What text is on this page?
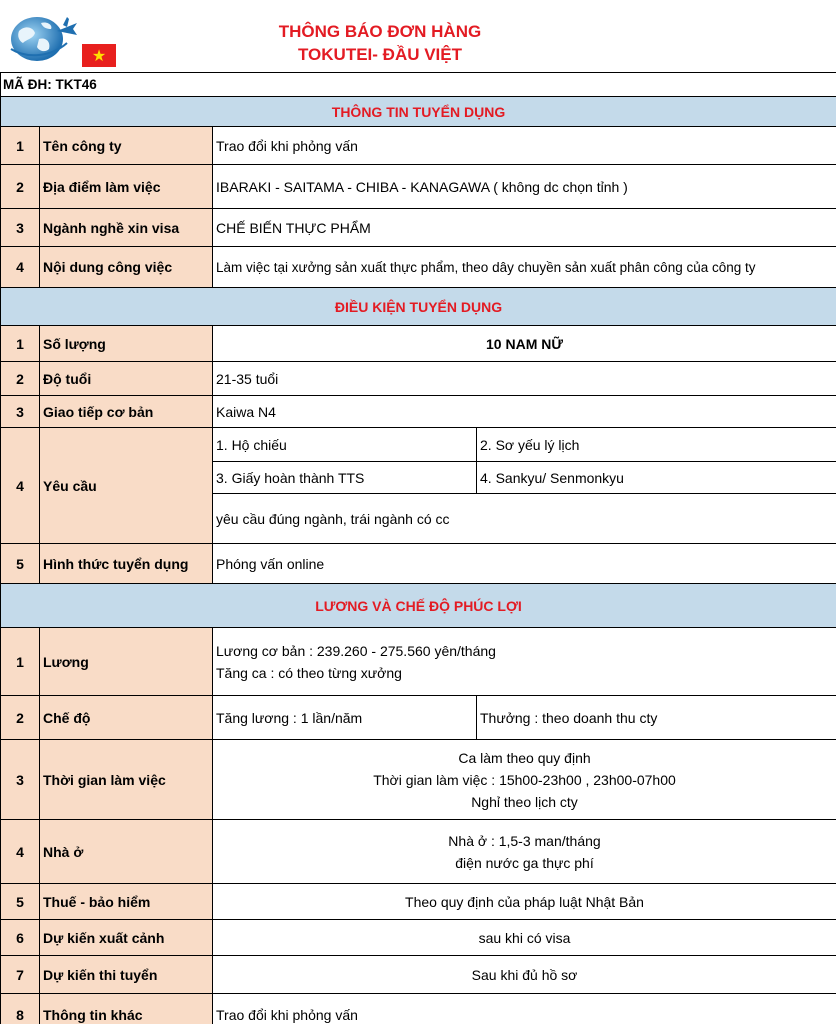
★
THÔNG BÁO ĐƠN HÀNG
TOKUTEI- ĐẦU VIỆT
MÃ ĐH: TKT46			
THÔNG TIN TUYỂN DỤNG			
1	Tên công ty	Trao đổi khi phỏng vấn	
2	Địa điểm làm việc	IBARAKI - SAITAMA - CHIBA - KANAGAWA ( không dc chọn tỉnh )	
3	Ngành nghề xin visa	CHẾ BIẾN THỰC PHẨM	
4	Nội dung công việc	Làm việc tại xưởng sản xuất thực phẩm, theo dây chuyền sản xuất phân công của công ty	
ĐIỀU KIỆN TUYỂN DỤNG			
1	Số lượng	10 NAM NỮ	
2	Độ tuổi	21-35 tuổi	
3	Giao tiếp cơ bản	Kaiwa N4	
4	Yêu cầu	1. Hộ chiếu	2. Sơ yếu lý lịch
		3. Giấy hoàn thành TTS	4. Sankyu/ Senmonkyu
		yêu cầu đúng ngành, trái ngành có cc	
5	Hình thức tuyển dụng	Phóng vấn online	
LƯƠNG VÀ CHẾ ĐỘ PHÚC LỢI			
1	Lương	Lương cơ bản : 239.260 - 275.560 yên/tháng
Tăng ca : có theo từng xưởng	

2	Chế độ	Tăng lương : 1 lần/năm	Thưởng : theo doanh thu cty
3	Thời gian làm việc	Ca làm theo quy định
Thời gian làm việc : 15h00-23h00 , 23h00-07h00
Nghỉ theo lịch cty	

4	Nhà ở	Nhà ở : 1,5-3 man/tháng
điện nước ga thực phí	

5	Thuế - bảo hiểm	Theo quy định của pháp luật Nhật Bản	
6	Dự kiến xuất cảnh	sau khi có visa	
7	Dự kiến thi tuyển	Sau khi đủ hồ sơ	
8	Thông tin khác	Trao đổi khi phỏng vấn	
